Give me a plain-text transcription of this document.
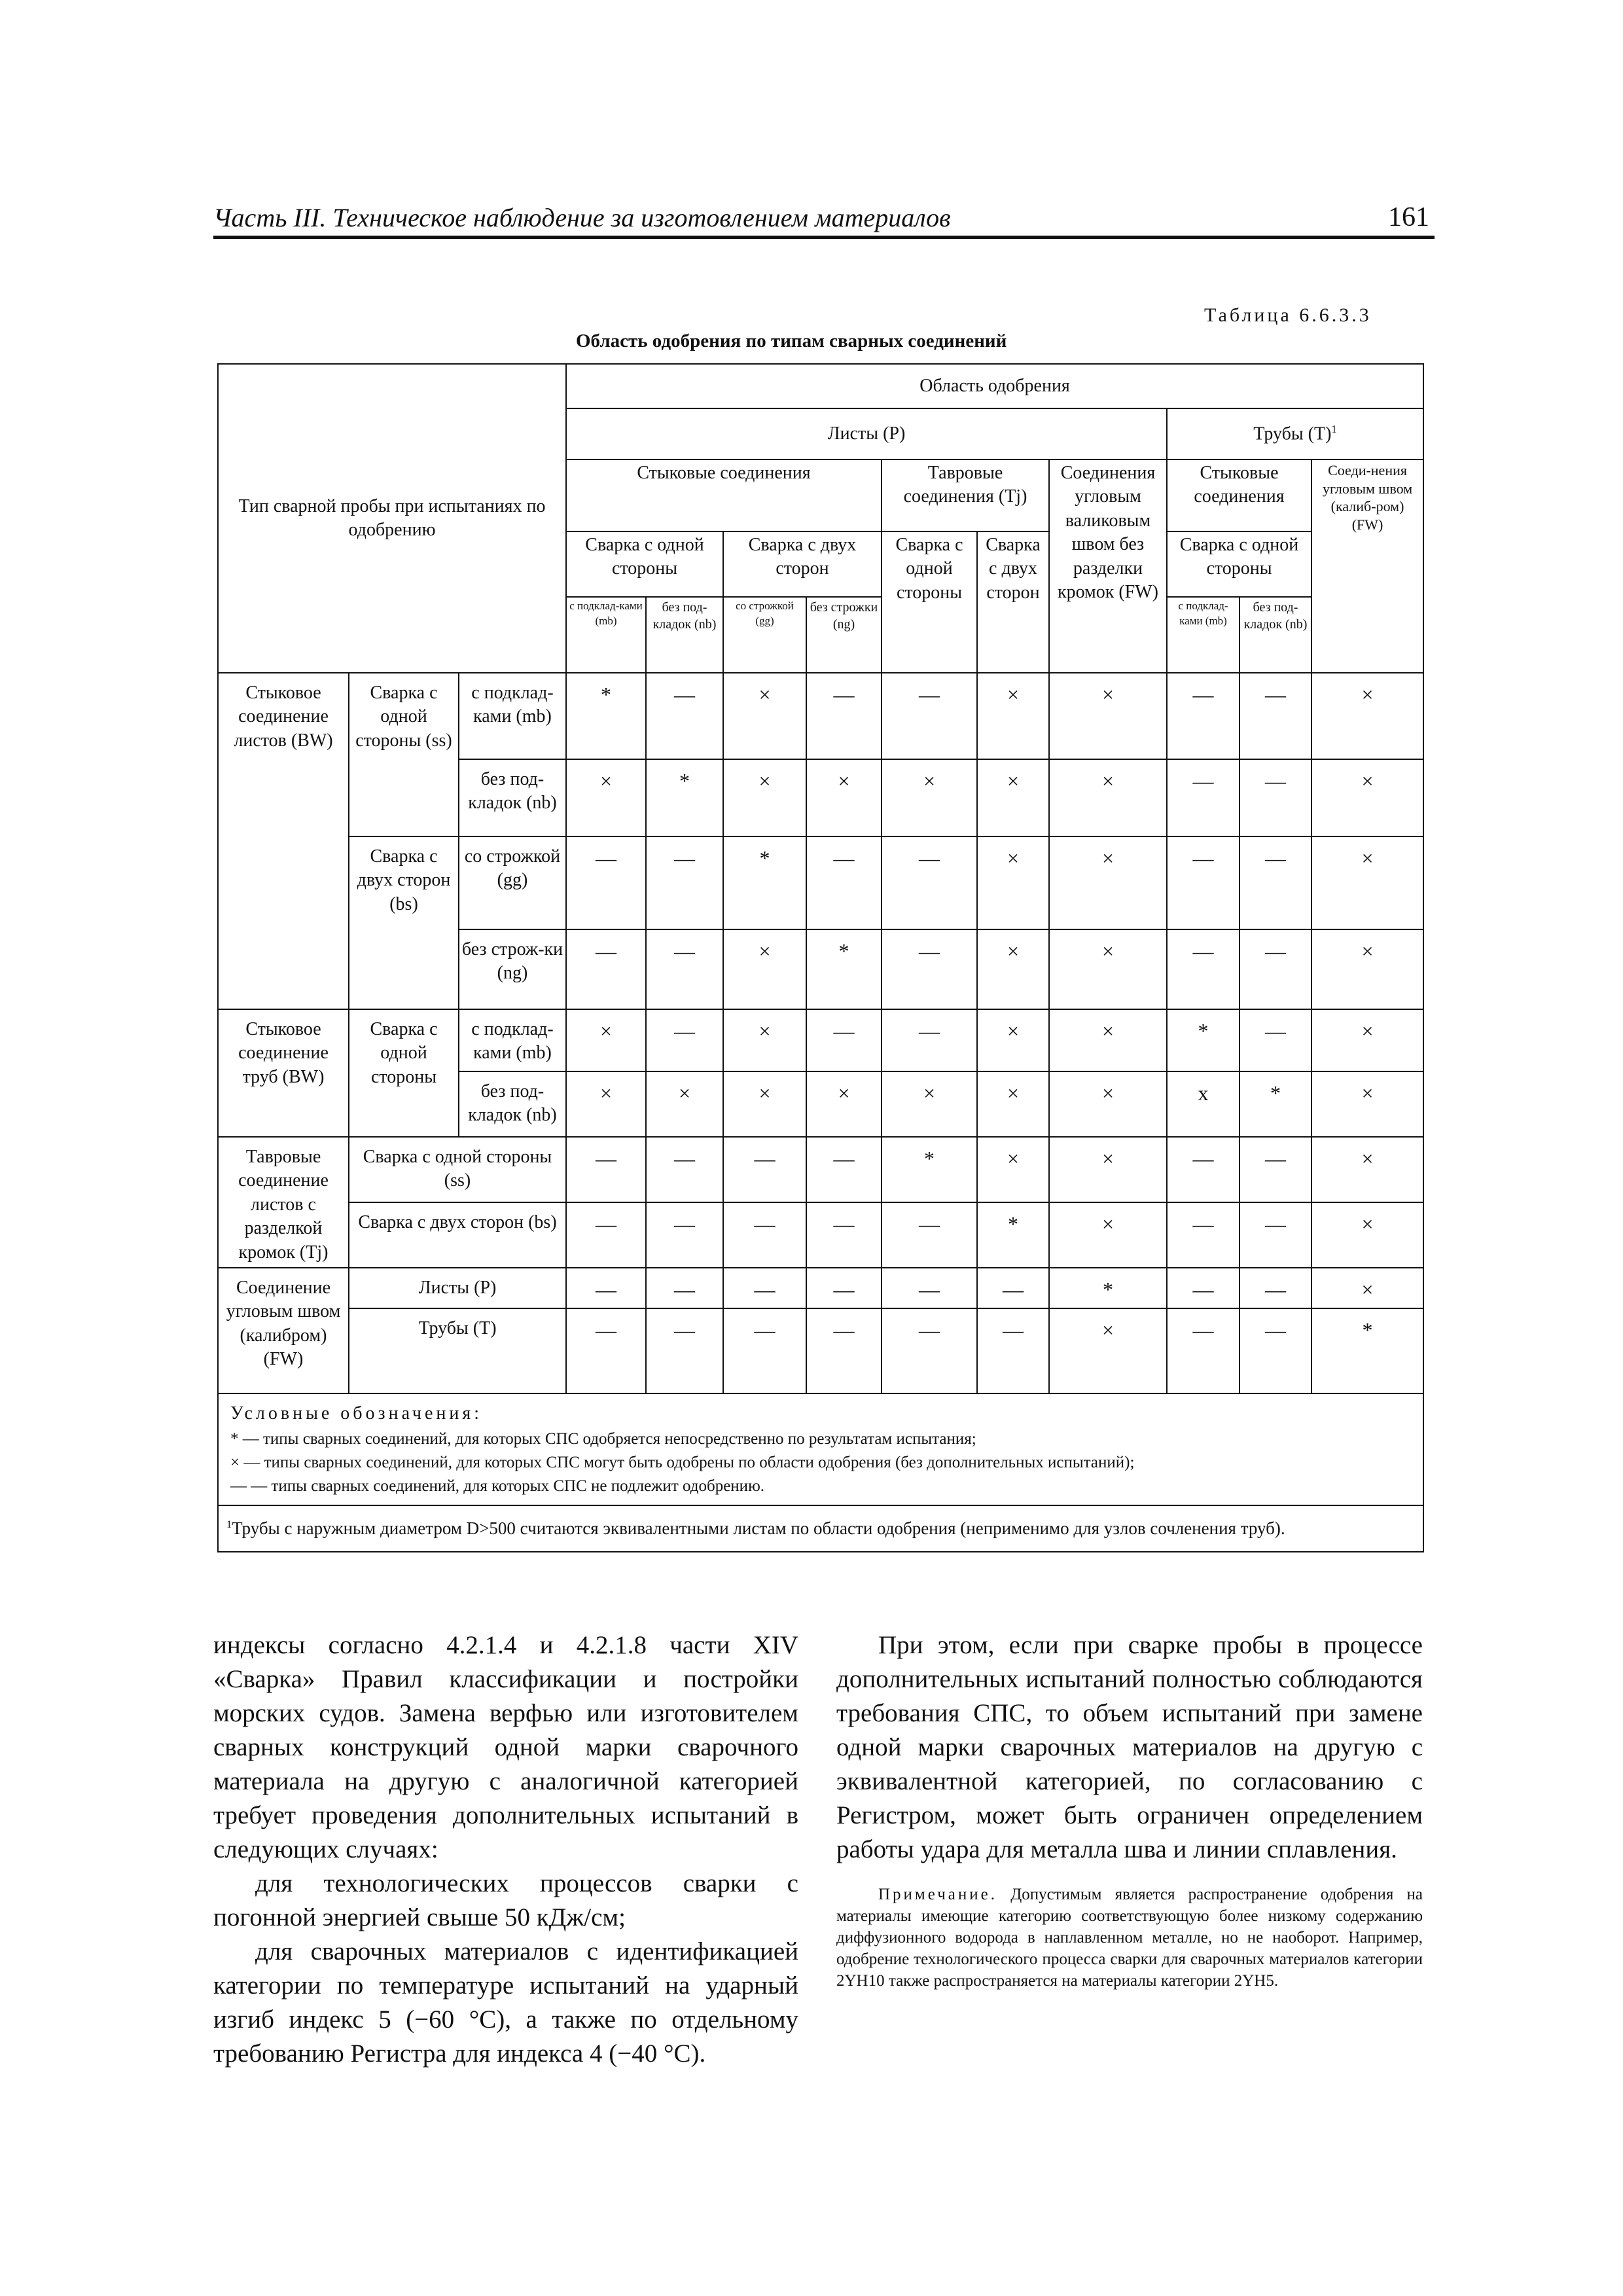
Часть III. Техническое наблюдение за изготовлением материалов	161
Таблица 6.6.3.3
Область одобрения по типам сварных соединений
Тип сварной пробы при испытаниях по одобрению			Область одобрения									
			Листы (P)							Трубы $(T)^1$
			Стыковые соединения				Тавровые соединения (Tj)		Соединения угловым валиковым швом без разделки кромок (FW)	Стыковые соединения		Соеди-нения угловым швом (калиб-ром) (FW)
			Сварка с одной стороны		Сварка с двух сторон		Сварка с одной стороны	Сварка с двух сторон		Сварка с одной стороны		
			с подклад-ками (mb)	без под-кладок (nb)	со строжкой (gg)	без строжки (ng)				с подклад-ками (mb)	без под-кладок (nb)	
Стыковое соединение листов (BW)	Сварка с одной стороны (ss)	с подклад-ками (mb)	*	—	×	—	—	×	×	—	—	×
		без под-кладок (nb)	×	*	×	×	×	×	×	—	—	×
	Сварка с двух сторон (bs)	со строжкой (gg)	—	—	*	—	—	×	×	—	—	×
		без строж-ки (ng)	—	—	×	*	—	×	×	—	—	×
Стыковое соединение труб (BW)	Сварка с одной стороны	с подклад-ками (mb)	×	—	×	—	—	×	×	*	—	×
		без под-кладок (nb)	×	×	×	×	×	×	×	x	*	×
Тавровые соединение листов с разделкой кромок (Tj)	Сварка с одной стороны (ss)		—	—	—	—	*	×	×	—	—	×
	Сварка с двух сторон (bs)		—	—	—	—	—	*	×	—	—	×
Соединение угловым швом (калибром) (FW)	Листы (P)		—	—	—	—	—	—	*	—	—	×
	Трубы (T)		—	—	—	—	—	—	×	—	—	*

Условные обозначения:
* — типы сварных соединений, для которых СПС одобряется непосредственно по результатам испытания;
× — типы сварных соединений, для которых СПС могут быть одобрены по области одобрения (без дополнительных испытаний);
— — типы сварных соединений, для которых СПС не подлежит одобрению.												

$^1$Трубы с наружным диаметром D>500 считаются эквивалентными листам по области одобрения (неприменимо для узлов сочленения труб).												

индексы согласно 4.2.1.4 и 4.2.1.8 части XIV «Сварка» Правил классификации и постройки морских судов. Замена верфью или изготовителем сварных конструкций одной марки сварочного материала на другую с аналогичной категорией требует проведения дополнительных испытаний в следующих случаях:

для технологических процессов сварки с погонной энергией свыше 50 кДж/см;

для сварочных материалов с идентификацией категории по температуре испытаний на ударный изгиб индекс 5 (−60 °C), а также по отдельному требованию Регистра для индекса 4 (−40 °C).

При этом, если при сварке пробы в процессе дополнительных испытаний полностью соблюдаются требования СПС, то объем испытаний при замене одной марки сварочных материалов на другую с эквивалентной категорией, по согласованию с Регистром, может быть ограничен определением работы удара для металла шва и линии сплавления.

Примечание. Допустимым является распространение одобрения на материалы имеющие категорию соответствующую более низкому содержанию диффузионного водорода в наплавленном металле, но не наоборот. Например, одобрение технологического процесса сварки для сварочных материалов категории 2YH10 также распространяется на материалы категории 2YH5.
